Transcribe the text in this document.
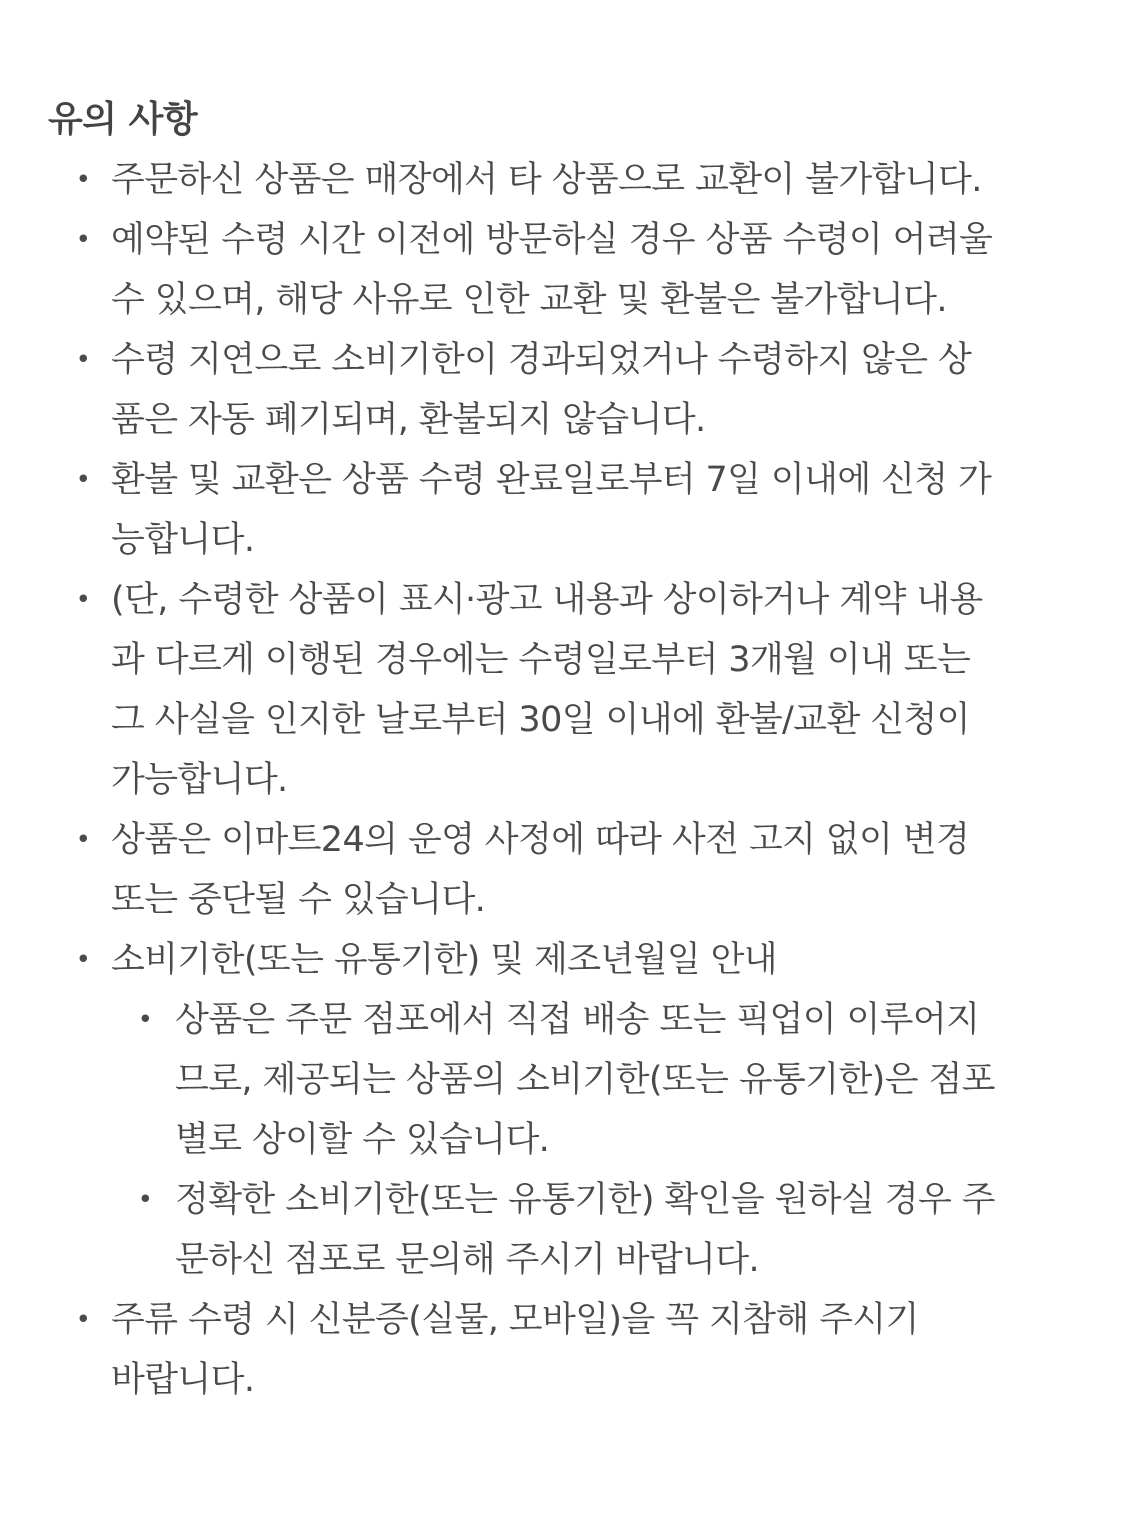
유의 사항
• 주문하신 상품은 매장에서 타 상품으로 교환이 불가합니다.
• 예약된 수령 시간 이전에 방문하실 경우 상품 수령이 어려울
수 있으며, 해당 사유로 인한 교환 및 환불은 불가합니다.
• 수령 지연으로 소비기한이 경과되었거나 수령하지 않은 상
품은 자동 폐기되며, 환불되지 않습니다.
• 환불 및 교환은 상품 수령 완료일로부터 7일 이내에 신청 가
능합니다.
• (단, 수령한 상품이 표시·광고 내용과 상이하거나 계약 내용
과 다르게 이행된 경우에는 수령일로부터 3개월 이내 또는
그 사실을 인지한 날로부터 30일 이내에 환불/교환 신청이
가능합니다.
• 상품은 이마트24의 운영 사정에 따라 사전 고지 없이 변경
또는 중단될 수 있습니다.
• 소비기한(또는 유통기한) 및 제조년월일 안내
• 상품은 주문 점포에서 직접 배송 또는 픽업이 이루어지
므로, 제공되는 상품의 소비기한(또는 유통기한)은 점포
별로 상이할 수 있습니다.
• 정확한 소비기한(또는 유통기한) 확인을 원하실 경우 주
문하신 점포로 문의해 주시기 바랍니다.
• 주류 수령 시 신분증(실물, 모바일)을 꼭 지참해 주시기
바랍니다.
